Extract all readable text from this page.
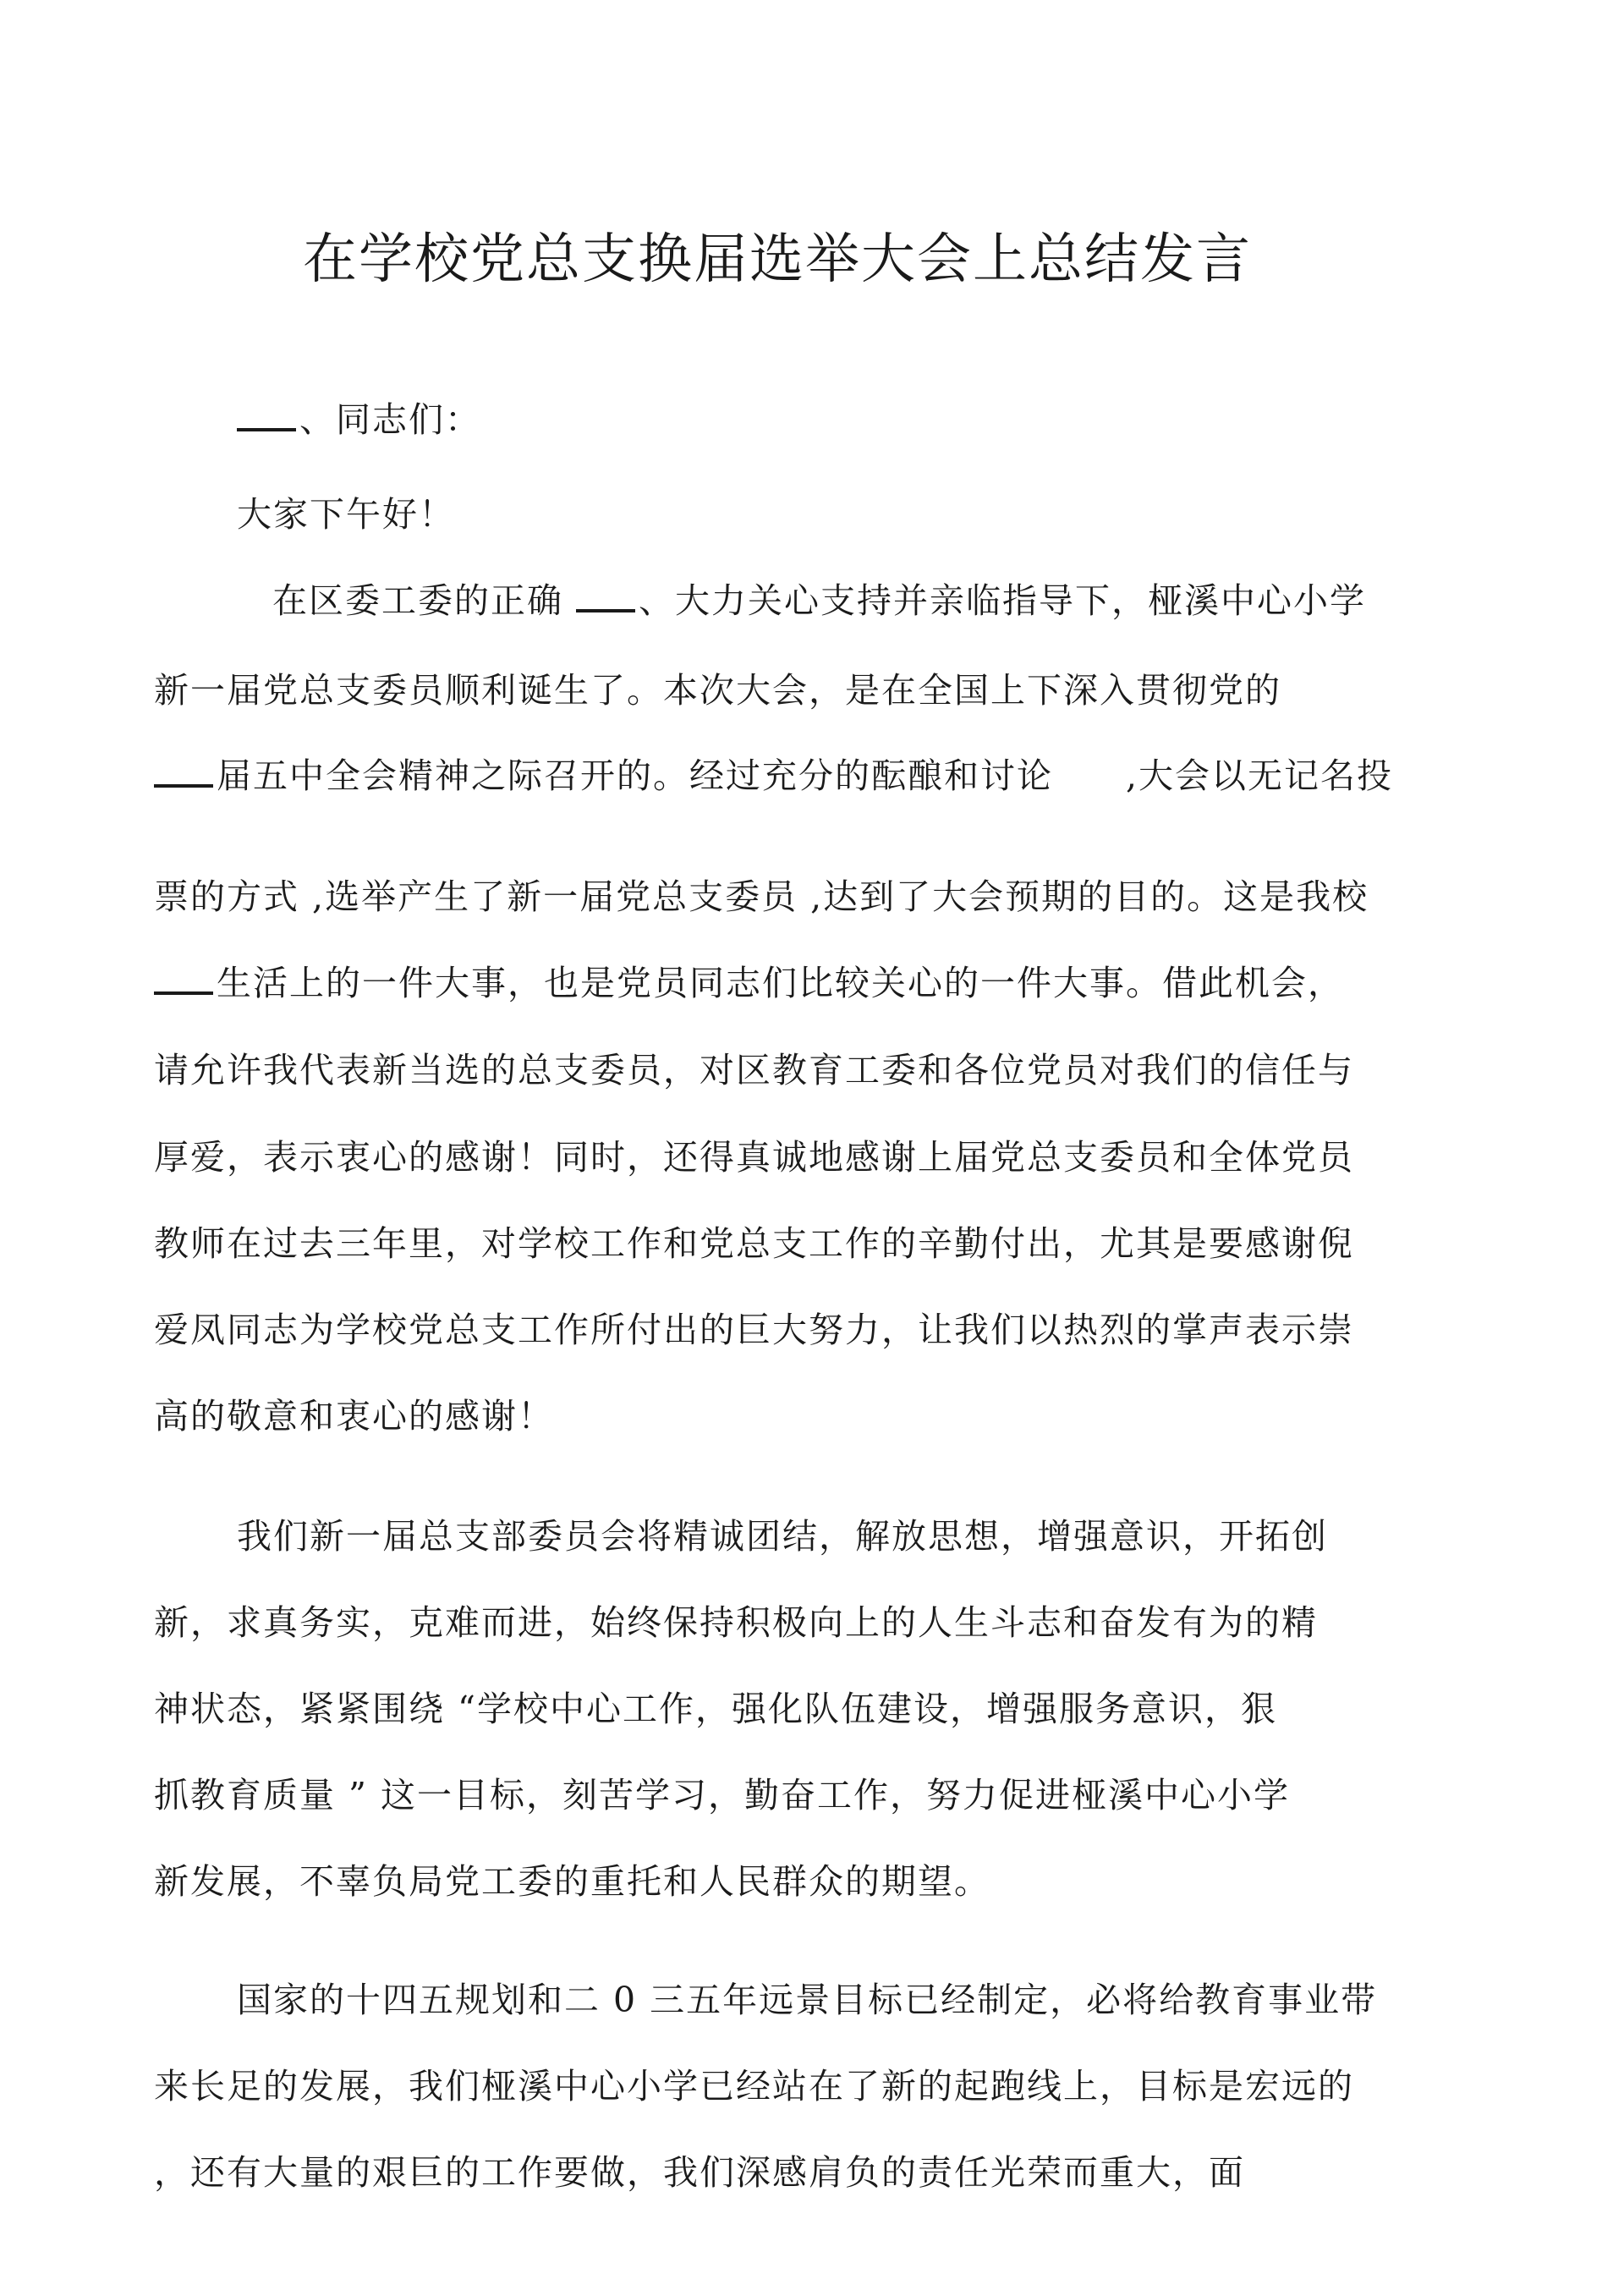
在学校党总支换届选举大会上总结发言
、同志们：
大家下午好！
在区委工委的正确 、大力关心支持并亲临指导下，桠溪中心小学
新一届党总支委员顺利诞生了。本次大会，是在全国上下深入贯彻党的
届五中全会精神之际召开的。经过充分的酝酿和讨论　　,大会以无记名投
票的方式 ,选举产生了新一届党总支委员 ,达到了大会预期的目的。这是我校
生活上的一件大事，也是党员同志们比较关心的一件大事。借此机会，
请允许我代表新当选的总支委员，对区教育工委和各位党员对我们的信任与
厚爱，表示衷心的感谢！同时，还得真诚地感谢上届党总支委员和全体党员
教师在过去三年里，对学校工作和党总支工作的辛勤付出，尤其是要感谢倪
爱凤同志为学校党总支工作所付出的巨大努力，让我们以热烈的掌声表示崇
高的敬意和衷心的感谢！
我们新一届总支部委员会将精诚团结，解放思想，增强意识，开拓创
新，求真务实，克难而进，始终保持积极向上的人生斗志和奋发有为的精
神状态，紧紧围绕 “学校中心工作，强化队伍建设，增强服务意识，狠
抓教育质量 ” 这一目标，刻苦学习，勤奋工作，努力促进桠溪中心小学
新发展，不辜负局党工委的重托和人民群众的期望。
国家的十四五规划和二 0 三五年远景目标已经制定，必将给教育事业带
来长足的发展，我们桠溪中心小学已经站在了新的起跑线上，目标是宏远的
，还有大量的艰巨的工作要做，我们深感肩负的责任光荣而重大，面
